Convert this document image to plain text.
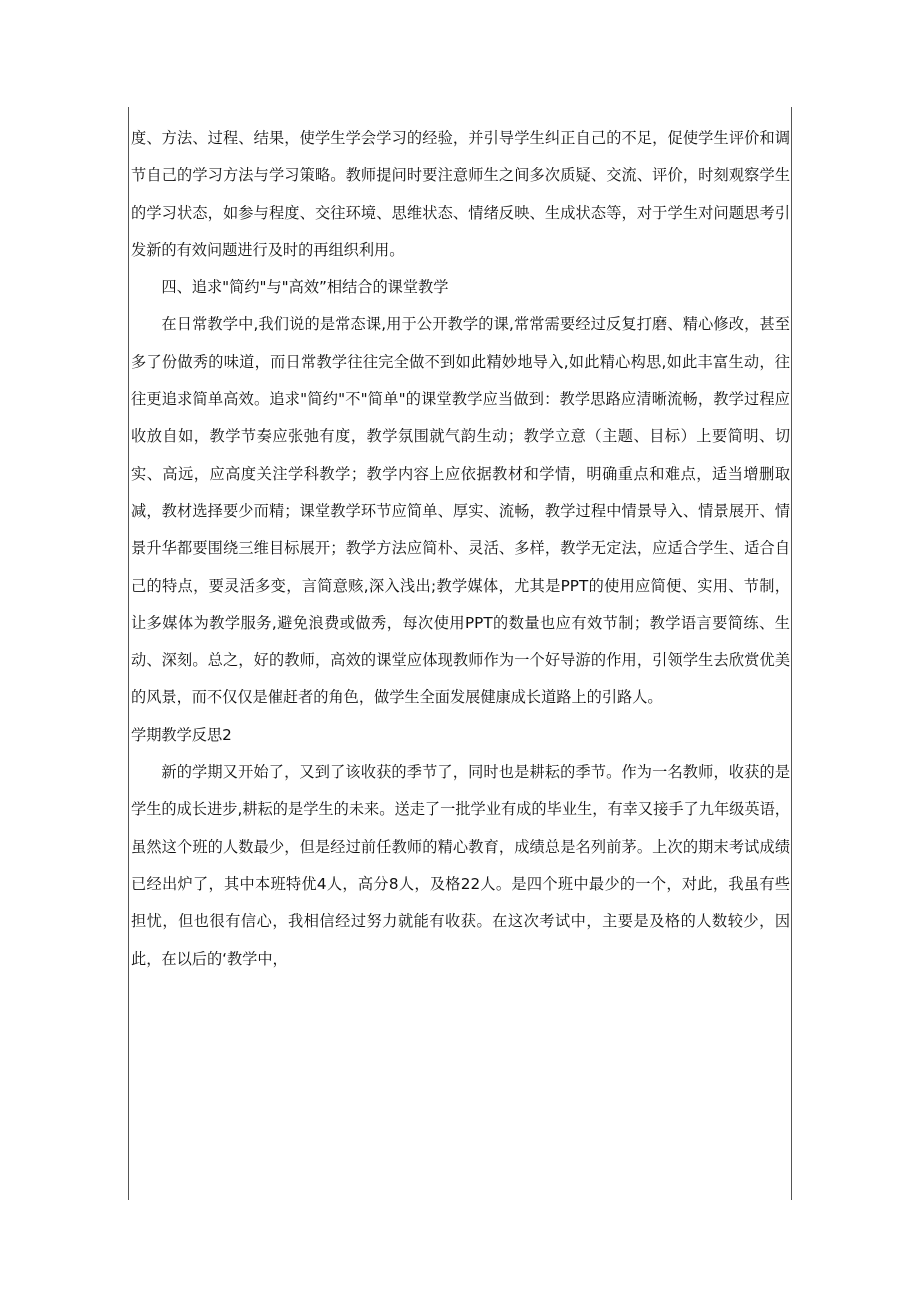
度、方法、过程、结果，使学生学会学习的经验，并引导学生纠正自己的不足，促使学生评价和调节自己的学习方法与学习策略。教师提问时要注意师生之间多次质疑、交流、评价，时刻观察学生的学习状态，如参与程度、交往环境、思维状态、情绪反映、生成状态等，对于学生对问题思考引发新的有效问题进行及时的再组织利用。

四、追求"简约"与"高效”相结合的课堂教学

在日常教学中,我们说的是常态课,用于公开教学的课,常常需要经过反复打磨、精心修改，甚至多了份做秀的味道，而日常教学往往完全做不到如此精妙地导入,如此精心构思,如此丰富生动，往往更追求简单高效。追求"简约"不"简单"的课堂教学应当做到：教学思路应清晰流畅，教学过程应收放自如，教学节奏应张弛有度，教学氛围就气韵生动；教学立意（主题、目标）上要简明、切实、高远，应高度关注学科教学；教学内容上应依据教材和学情，明确重点和难点，适当增删取减，教材选择要少而精；课堂教学环节应简单、厚实、流畅，教学过程中情景导入、情景展开、情景升华都要围绕三维目标展开；教学方法应简朴、灵活、多样，教学无定法，应适合学生、适合自己的特点，要灵活多变，言简意赅,深入浅出;教学媒体，尤其是PPT的使用应简便、实用、节制，让多媒体为教学服务,避免浪费或做秀，每次使用PPT的数量也应有效节制；教学语言要简练、生动、深刻。总之，好的教师，高效的课堂应体现教师作为一个好导游的作用，引领学生去欣赏优美的风景，而不仅仅是催赶者的角色，做学生全面发展健康成长道路上的引路人。

学期教学反思2

新的学期又开始了，又到了该收获的季节了，同时也是耕耘的季节。作为一名教师，收获的是学生的成长进步,耕耘的是学生的未来。送走了一批学业有成的毕业生，有幸又接手了九年级英语，虽然这个班的人数最少，但是经过前任教师的精心教育，成绩总是名列前茅。上次的期末考试成绩已经出炉了，其中本班特优4人，高分8人，及格22人。是四个班中最少的一个，对此，我虽有些担忧，但也很有信心，我相信经过努力就能有收获。在这次考试中，主要是及格的人数较少，因此，在以后的‘教学中，
